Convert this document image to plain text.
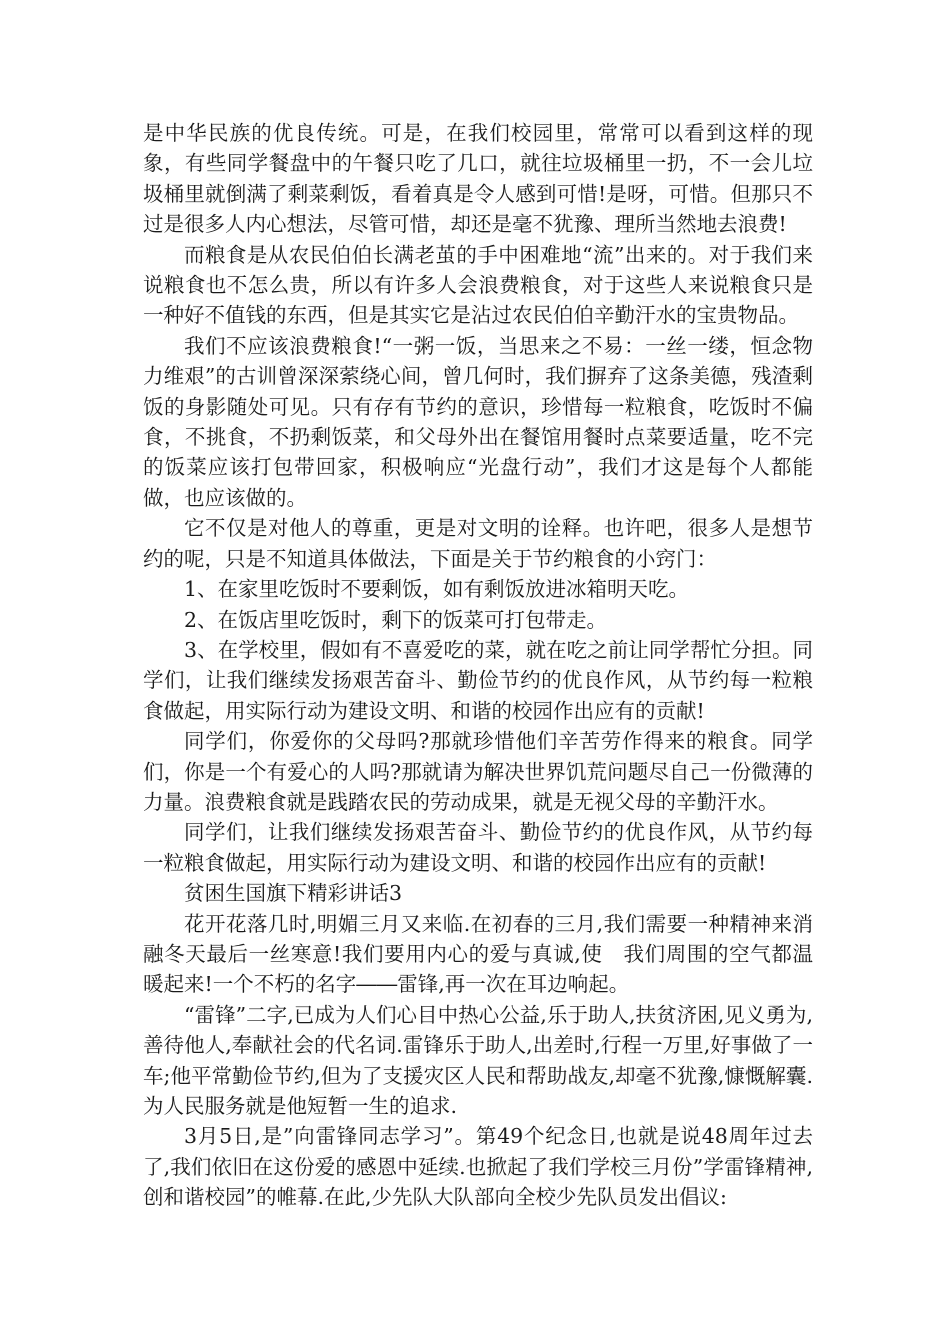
是中华民族的优良传统。可是，在我们校园里，常常可以看到这样的现象，有些同学餐盘中的午餐只吃了几口，就往垃圾桶里一扔，不一会儿垃圾桶里就倒满了剩菜剩饭，看着真是令人感到可惜!是呀，可惜。但那只不过是很多人内心想法，尽管可惜，却还是毫不犹豫、理所当然地去浪费!

而粮食是从农民伯伯长满老茧的手中困难地“流”出来的。对于我们来说粮食也不怎么贵，所以有许多人会浪费粮食，对于这些人来说粮食只是一种好不值钱的东西，但是其实它是沾过农民伯伯辛勤汗水的宝贵物品。

我们不应该浪费粮食!“一粥一饭，当思来之不易：一丝一缕，恒念物力维艰”的古训曾深深萦绕心间，曾几何时，我们摒弃了这条美德，残渣剩饭的身影随处可见。只有存有节约的意识，珍惜每一粒粮食，吃饭时不偏食，不挑食，不扔剩饭菜，和父母外出在餐馆用餐时点菜要适量，吃不完的饭菜应该打包带回家，积极响应“光盘行动”，我们才这是每个人都能做，也应该做的。

它不仅是对他人的尊重，更是对文明的诠释。也许吧，很多人是想节约的呢，只是不知道具体做法，下面是关于节约粮食的小窍门：

1、在家里吃饭时不要剩饭，如有剩饭放进冰箱明天吃。

2、在饭店里吃饭时，剩下的饭菜可打包带走。

3、在学校里，假如有不喜爱吃的菜，就在吃之前让同学帮忙分担。同学们，让我们继续发扬艰苦奋斗、勤俭节约的优良作风，从节约每一粒粮食做起，用实际行动为建设文明、和谐的校园作出应有的贡献!

同学们，你爱你的父母吗?那就珍惜他们辛苦劳作得来的粮食。同学们，你是一个有爱心的人吗?那就请为解决世界饥荒问题尽自己一份微薄的力量。浪费粮食就是践踏农民的劳动成果，就是无视父母的辛勤汗水。

同学们，让我们继续发扬艰苦奋斗、勤俭节约的优良作风，从节约每一粒粮食做起，用实际行动为建设文明、和谐的校园作出应有的贡献!

贫困生国旗下精彩讲话3

花开花落几时,明媚三月又来临.在初春的三月,我们需要一种精神来消融冬天最后一丝寒意!我们要用内心的爱与真诚,使　我们周围的空气都温暖起来!一个不朽的名字――雷锋,再一次在耳边响起。

“雷锋”二字,已成为人们心目中热心公益,乐于助人,扶贫济困,见义勇为,善待他人,奉献社会的代名词.雷锋乐于助人,出差时,行程一万里,好事做了一车;他平常勤俭节约,但为了支援灾区人民和帮助战友,却毫不犹豫,慷慨解囊.为人民服务就是他短暂一生的追求.

3月5日,是”向雷锋同志学习”。第49个纪念日,也就是说48周年过去了,我们依旧在这份爱的感恩中延续.也掀起了我们学校三月份”学雷锋精神,创和谐校园”的帷幕.在此,少先队大队部向全校少先队员发出倡议:
